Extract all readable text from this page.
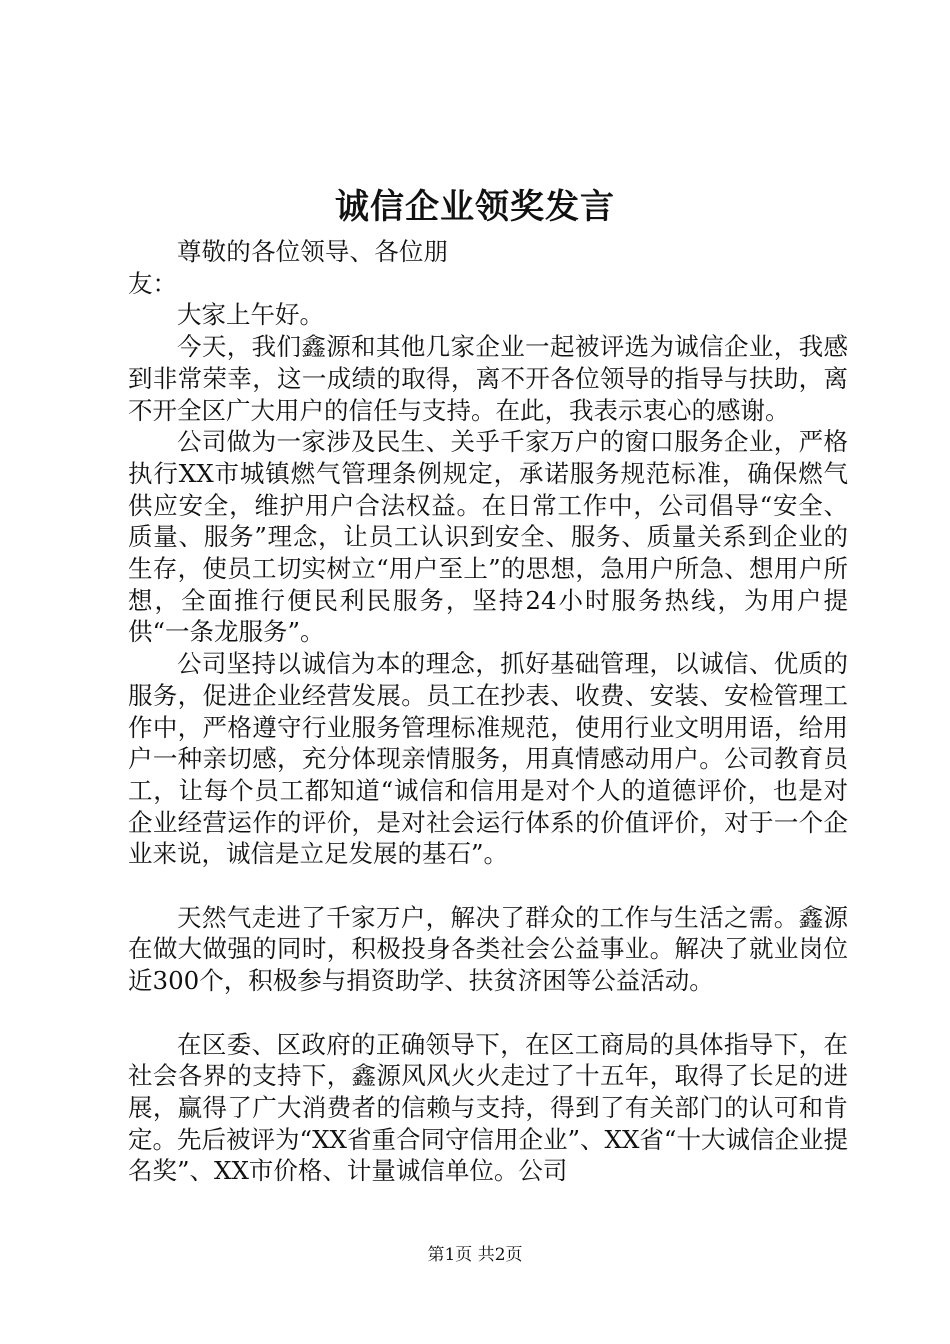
诚信企业领奖发言

尊敬的各位领导、各位朋友：

大家上午好。

今天，我们鑫源和其他几家企业一起被评选为诚信企业，我感到非常荣幸，这一成绩的取得，离不开各位领导的指导与扶助，离不开全区广大用户的信任与支持。在此，我表示衷心的感谢。

公司做为一家涉及民生、关乎千家万户的窗口服务企业，严格执行XX市城镇燃气管理条例规定，承诺服务规范标准，确保燃气供应安全，维护用户合法权益。在日常工作中，公司倡导“安全、质量、服务”理念，让员工认识到安全、服务、质量关系到企业的生存，使员工切实树立“用户至上”的思想，急用户所急、想用户所想，全面推行便民利民服务，坚持24小时服务热线，为用户提供“一条龙服务”。

公司坚持以诚信为本的理念，抓好基础管理，以诚信、优质的服务，促进企业经营发展。员工在抄表、收费、安装、安检管理工作中，严格遵守行业服务管理标准规范，使用行业文明用语，给用户一种亲切感，充分体现亲情服务，用真情感动用户。公司教育员工，让每个员工都知道“诚信和信用是对个人的道德评价，也是对企业经营运作的评价，是对社会运行体系的价值评价，对于一个企业来说，诚信是立足发展的基石”。

天然气走进了千家万户，解决了群众的工作与生活之需。鑫源在做大做强的同时，积极投身各类社会公益事业。解决了就业岗位近300个，积极参与捐资助学、扶贫济困等公益活动。

在区委、区政府的正确领导下，在区工商局的具体指导下，在社会各界的支持下，鑫源风风火火走过了十五年，取得了长足的进展，赢得了广大消费者的信赖与支持，得到了有关部门的认可和肯定。先后被评为“XX省重合同守信用企业”、XX省“十大诚信企业提名奖”、XX市价格、计量诚信单位。公司

第1页 共2页
